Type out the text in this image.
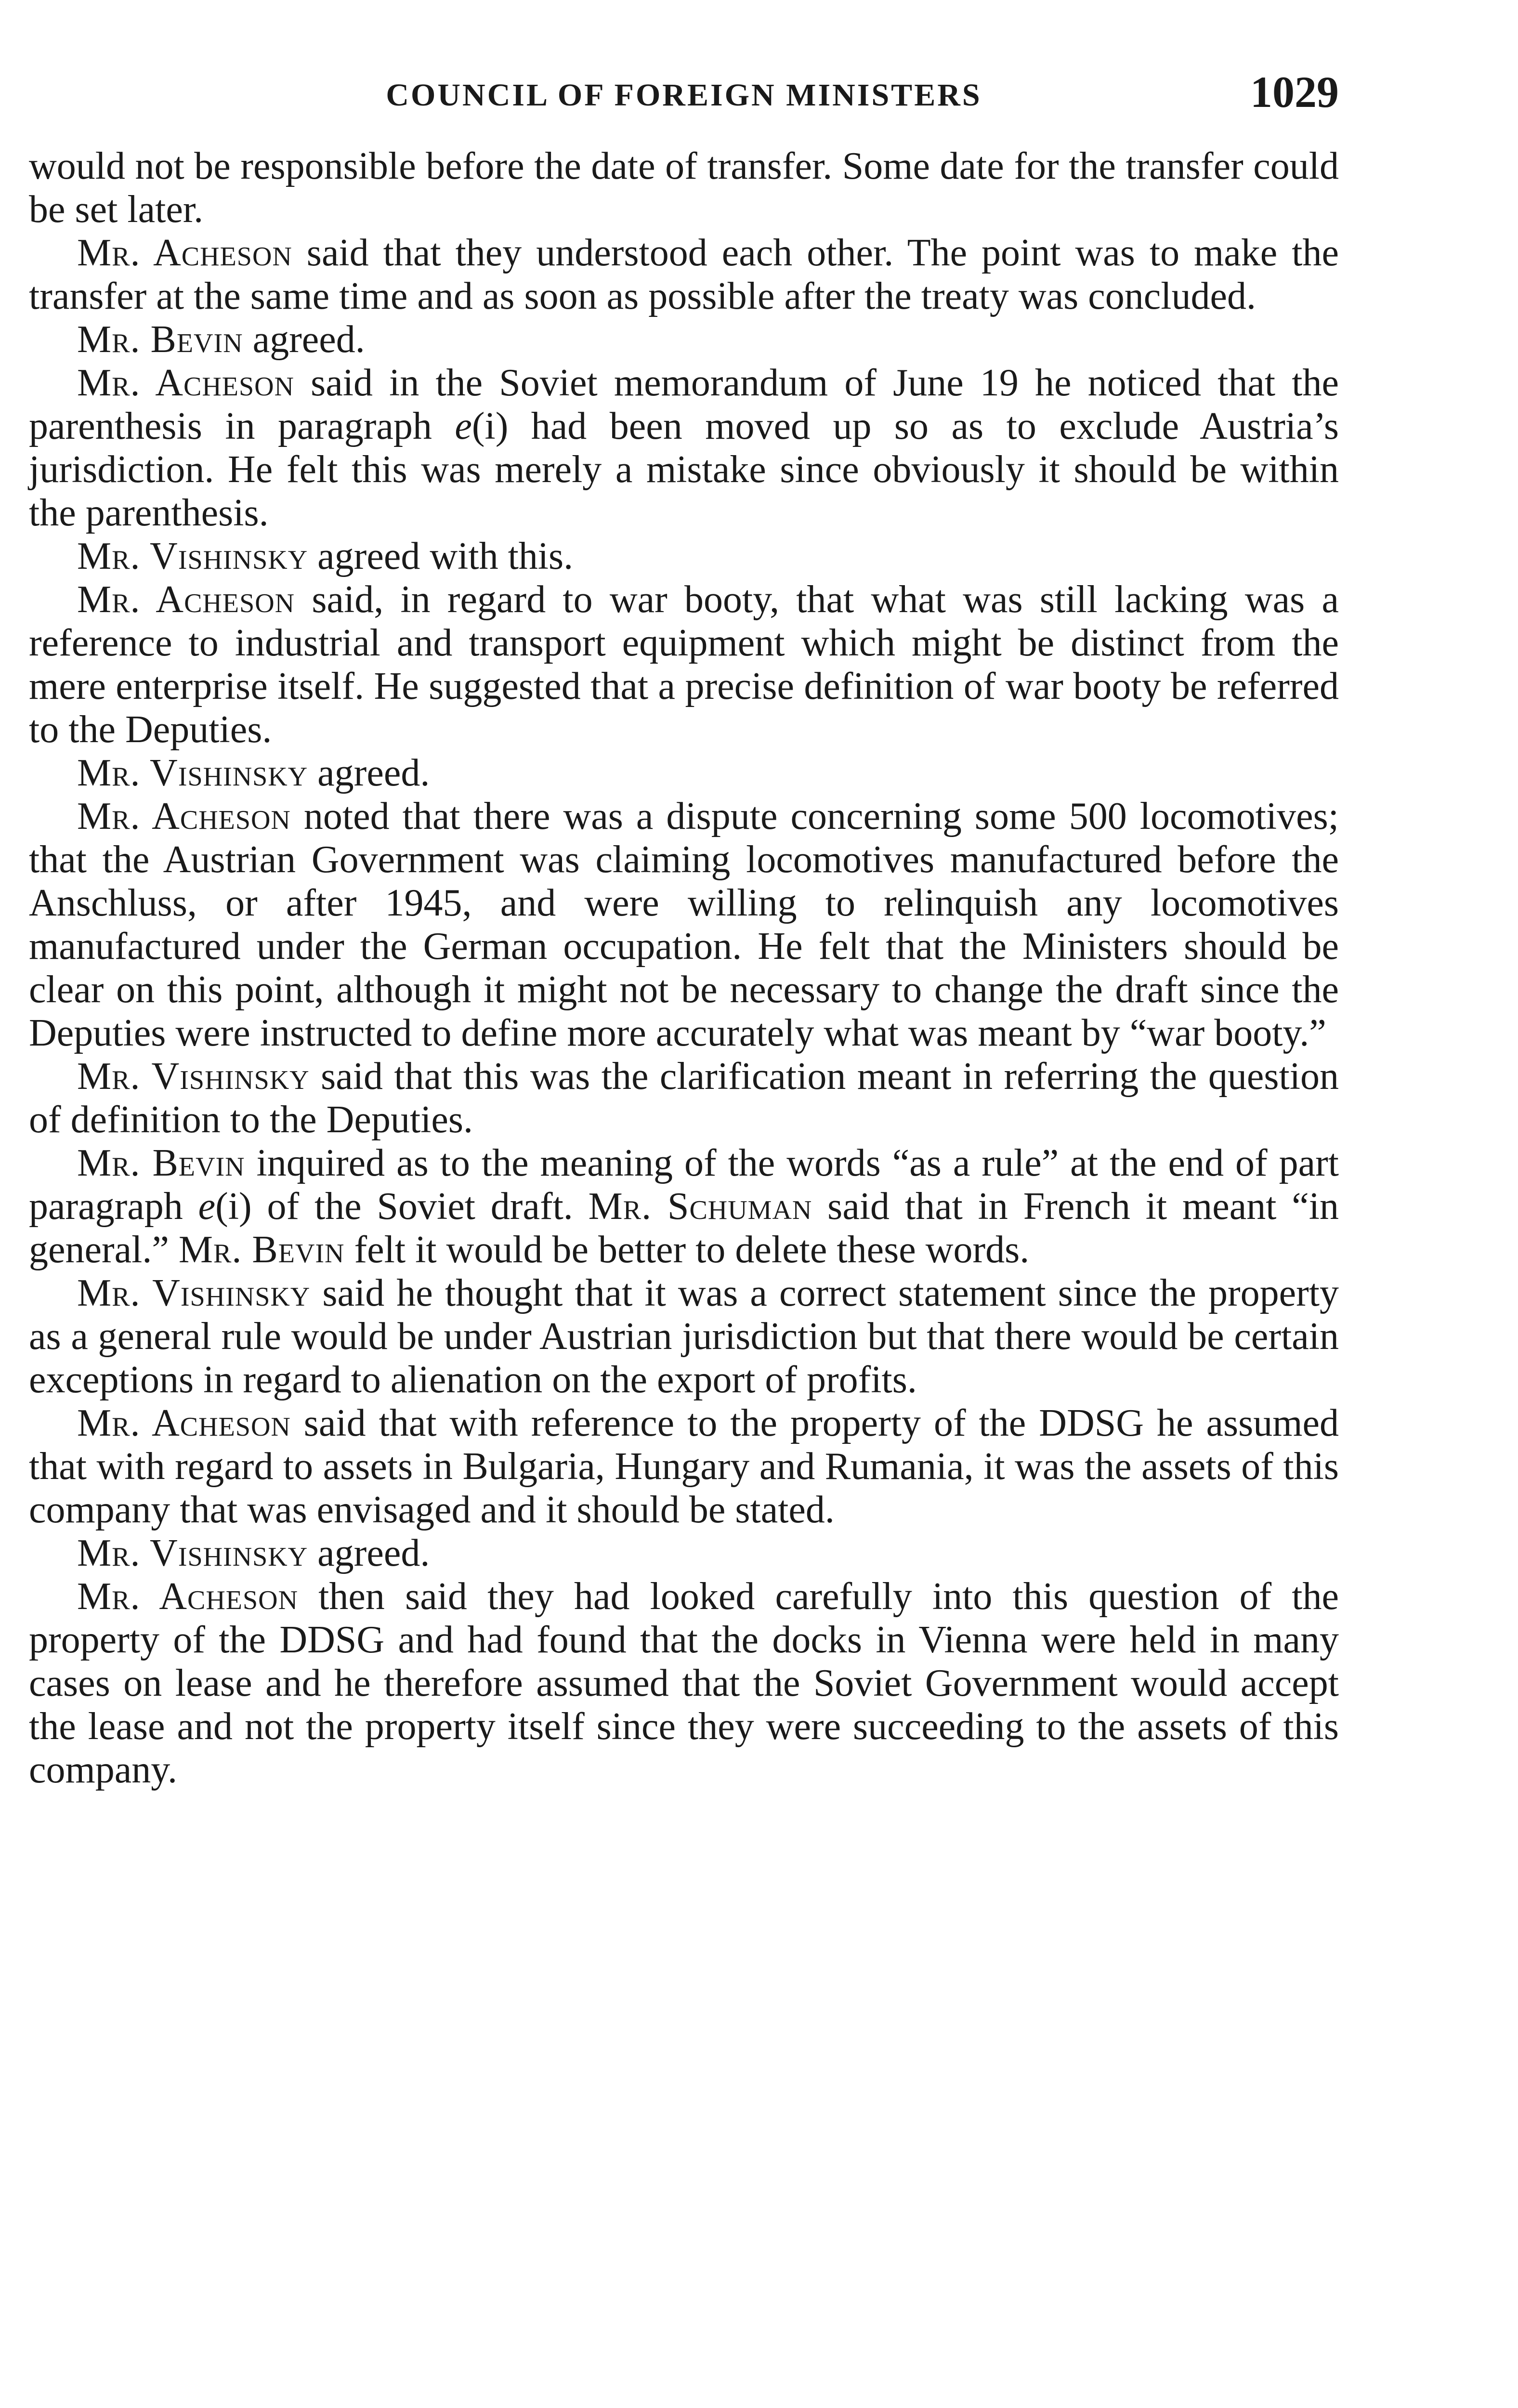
COUNCIL OF FOREIGN MINISTERS	1029

would not be responsible before the date of transfer. Some date for the transfer could be set later.

Mr. Acheson said that they understood each other. The point was to make the transfer at the same time and as soon as possible after the treaty was concluded.

Mr. Bevin agreed.

Mr. Acheson said in the Soviet memorandum of June 19 he noticed that the parenthesis in paragraph e(i) had been moved up so as to exclude Austria’s jurisdiction. He felt this was merely a mistake since obviously it should be within the parenthesis.

Mr. Vishinsky agreed with this.

Mr. Acheson said, in regard to war booty, that what was still lacking was a reference to industrial and transport equipment which might be distinct from the mere enterprise itself. He suggested that a precise definition of war booty be referred to the Deputies.

Mr. Vishinsky agreed.

Mr. Acheson noted that there was a dispute concerning some 500 locomotives; that the Austrian Government was claiming locomotives manufactured before the Anschluss, or after 1945, and were willing to relinquish any locomotives manufactured under the German occupation. He felt that the Ministers should be clear on this point, although it might not be necessary to change the draft since the Deputies were instructed to define more accurately what was meant by “war booty.”

Mr. Vishinsky said that this was the clarification meant in referring the question of definition to the Deputies.

Mr. Bevin inquired as to the meaning of the words “as a rule” at the end of part paragraph e(i) of the Soviet draft. Mr. Schuman said that in French it meant “in general.” Mr. Bevin felt it would be better to delete these words.

Mr. Vishinsky said he thought that it was a correct statement since the property as a general rule would be under Austrian jurisdiction but that there would be certain exceptions in regard to alienation on the export of profits.

Mr. Acheson said that with reference to the property of the DDSG he assumed that with regard to assets in Bulgaria, Hungary and Rumania, it was the assets of this company that was envisaged and it should be stated.

Mr. Vishinsky agreed.

Mr. Acheson then said they had looked carefully into this question of the property of the DDSG and had found that the docks in Vienna were held in many cases on lease and he therefore assumed that the Soviet Government would accept the lease and not the property itself since they were succeeding to the assets of this company.
